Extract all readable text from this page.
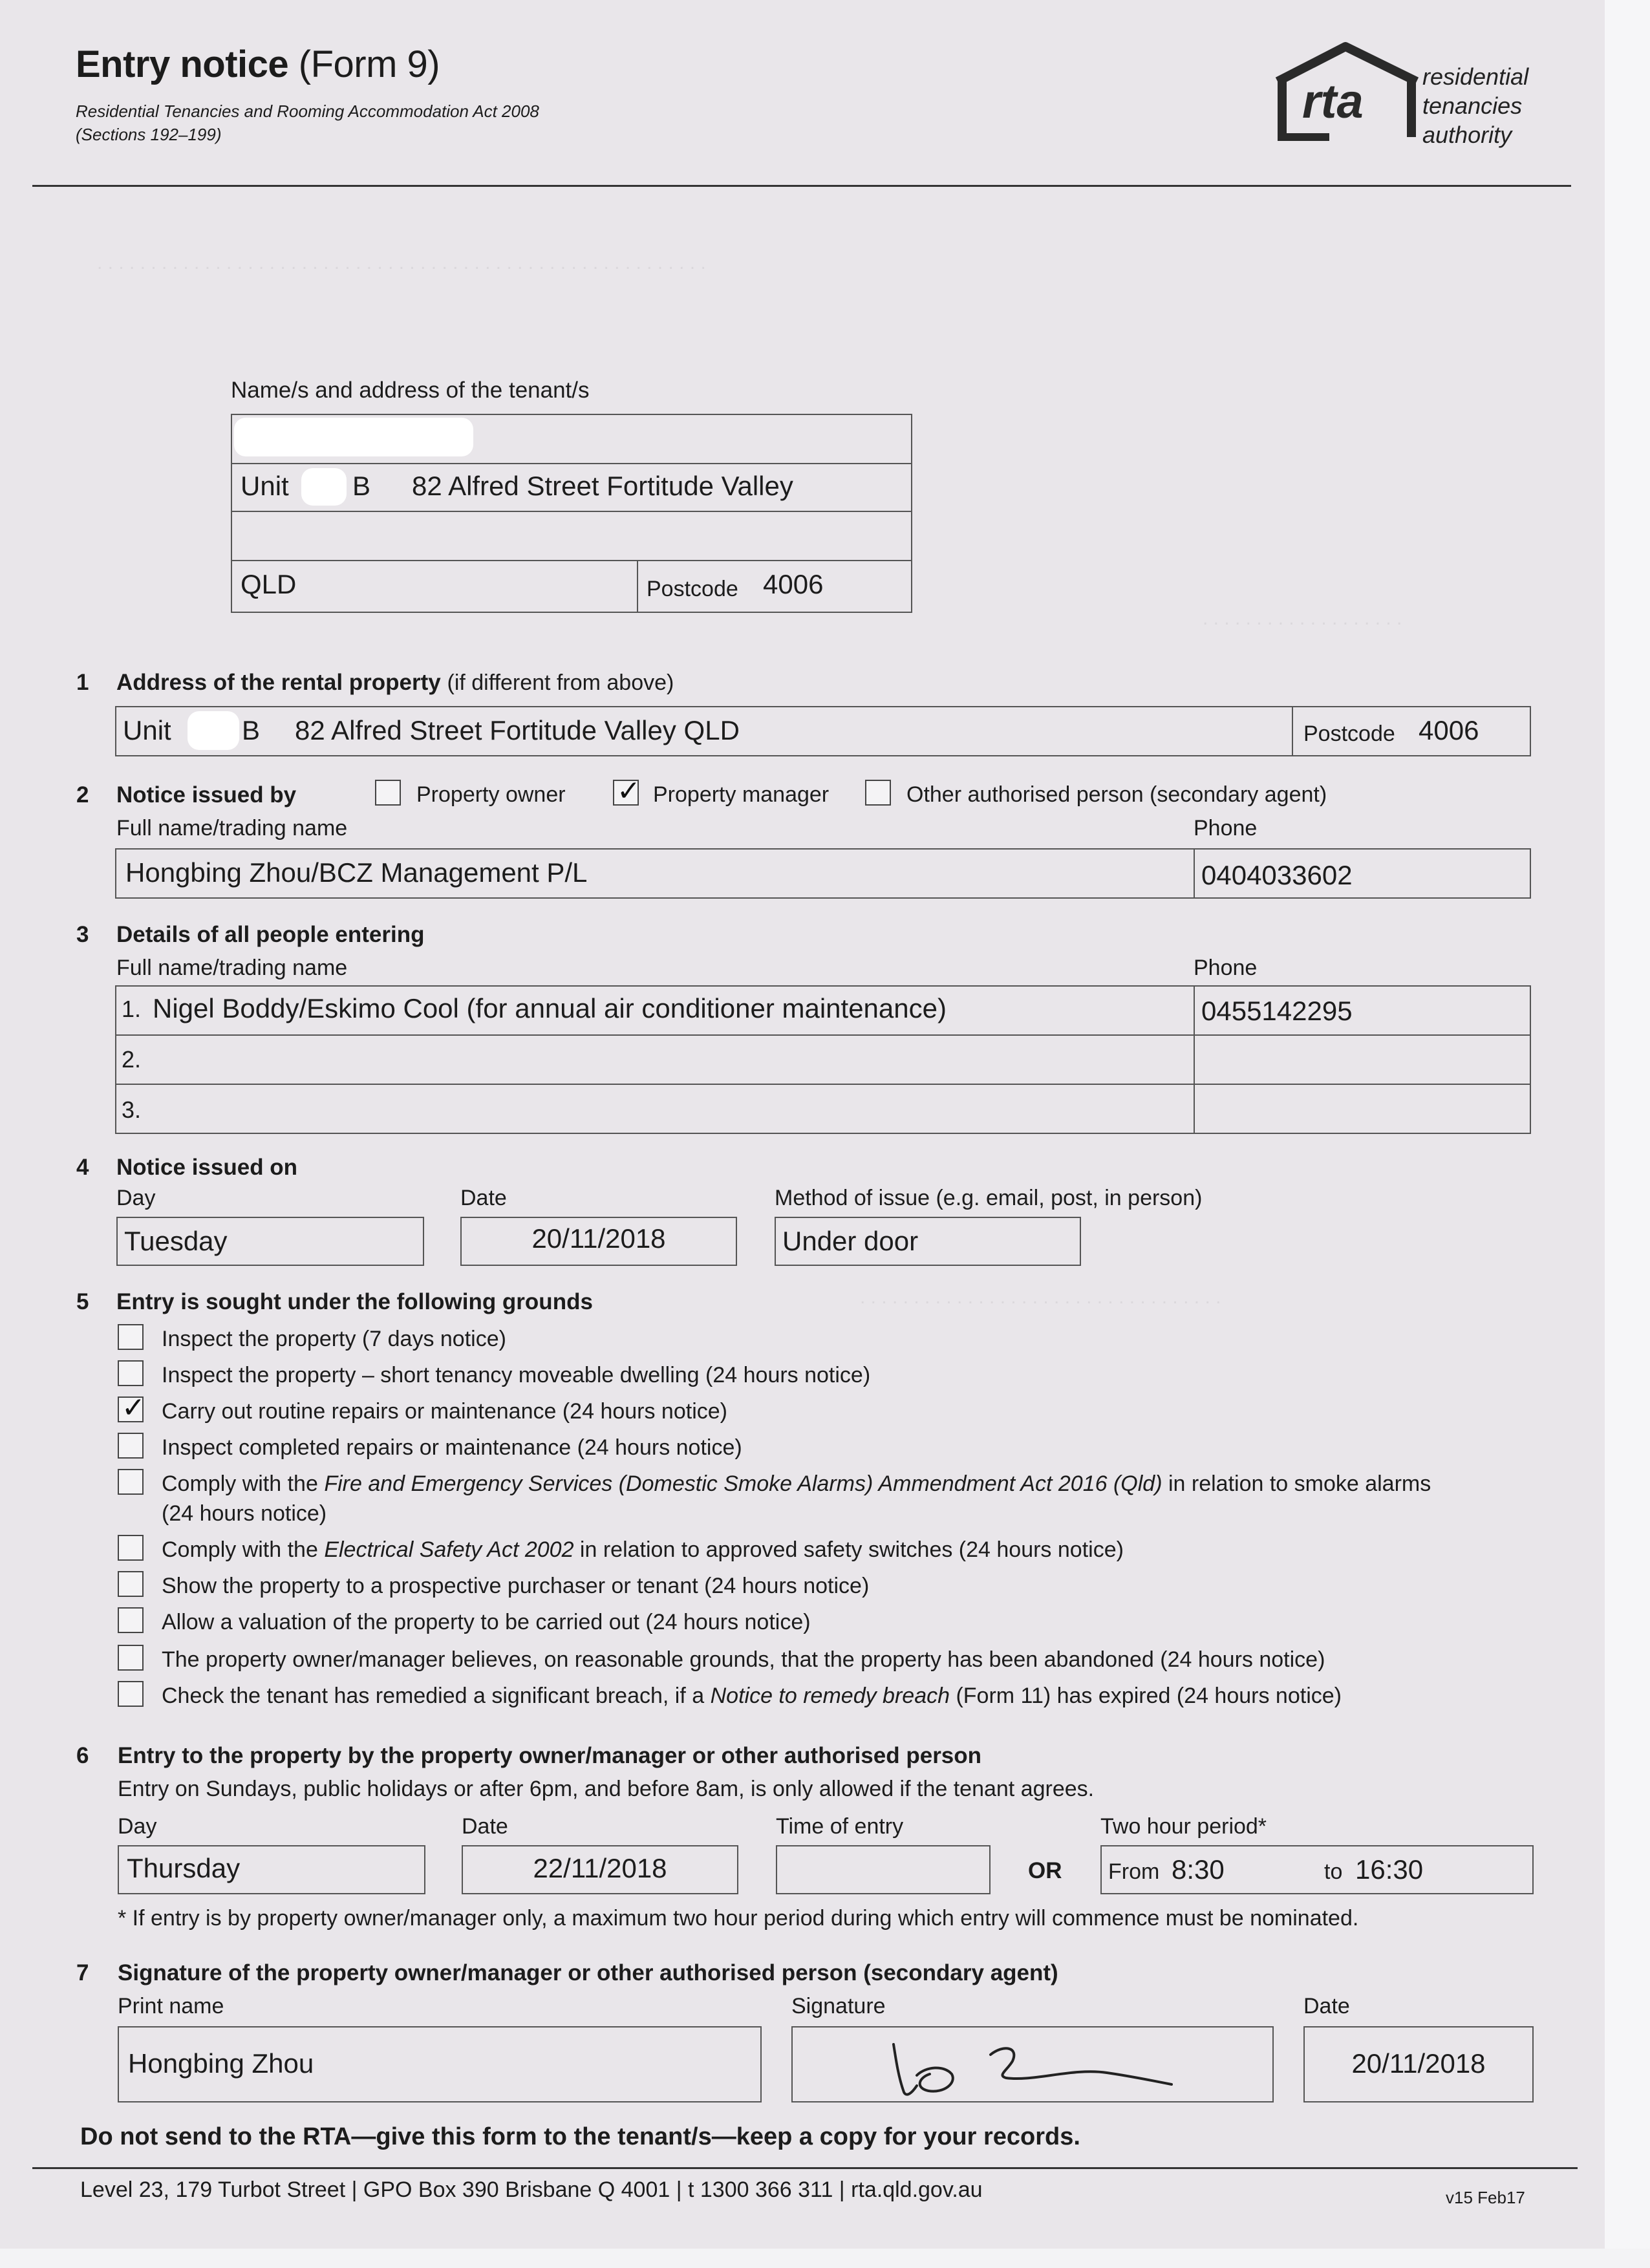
. . . . . . . . . . . . . . . . . . . . . . . . . . . . . . . . . . . . . . . . . . . . . . . . . . . . . . . . .
. . . . . . . . . . . . . . . . . . .
. . . . . . . . . . . . . . . . . . . . . . . . . . . . . . . . . .
Entry notice (Form 9)
Residential Tenancies and Rooming Accommodation Act 2008
(Sections 192–199)
rta	residential
tenancies
authority
Name/s and address of the tenant/s
Unit B 82 Alfred Street Fortitude Valley
QLD	Postcode 4006
1 Address of the rental property (if different from above)
Unit	B 82 Alfred Street Fortitude Valley QLD	Postcode 4006
2 Notice issued by	Property owner
✓	Property manager	Other authorised person (secondary agent)
Full name/trading name	Phone
Hongbing Zhou/BCZ Management P/L	0404033602
3 Details of all people entering
Full name/trading name	Phone
1. Nigel Boddy/Eskimo Cool (for annual air conditioner maintenance)	0455142295
2.
3.
4 Notice issued on
Day	Date	Method of issue (e.g. email, post, in person)
Tuesday	20/11/2018	Under door
5 Entry is sought under the following grounds
Inspect the property (7 days notice)
Inspect the property – short tenancy moveable dwelling (24 hours notice)
✓
Carry out routine repairs or maintenance (24 hours notice)
Inspect completed repairs or maintenance (24 hours notice)
Comply with the Fire and Emergency Services (Domestic Smoke Alarms) Ammendment Act 2016 (Qld) in relation to smoke alarms
(24 hours notice)
Comply with the Electrical Safety Act 2002 in relation to approved safety switches (24 hours notice)
Show the property to a prospective purchaser or tenant (24 hours notice)
Allow a valuation of the property to be carried out (24 hours notice)
The property owner/manager believes, on reasonable grounds, that the property has been abandoned (24 hours notice)
Check the tenant has remedied a significant breach, if a Notice to remedy breach (Form 11) has expired (24 hours notice)
6 Entry to the property by the property owner/manager or other authorised person
Entry on Sundays, public holidays or after 6pm, and before 8am, is only allowed if the tenant agrees.
Day	Date	Time of entry	Two hour period*
Thursday	22/11/2018	OR From 8:30	to 16:30
* If entry is by property owner/manager only, a maximum two hour period during which entry will commence must be nominated.
7 Signature of the property owner/manager or other authorised person (secondary agent)
Print name	Signature	Date
Hongbing Zhou	20/11/2018
Do not send to the RTA—give this form to the tenant/s—keep a copy for your records.
Level 23, 179 Turbot Street | GPO Box 390 Brisbane Q 4001 | t 1300 366 311 | rta.qld.gov.au	v15 Feb17
